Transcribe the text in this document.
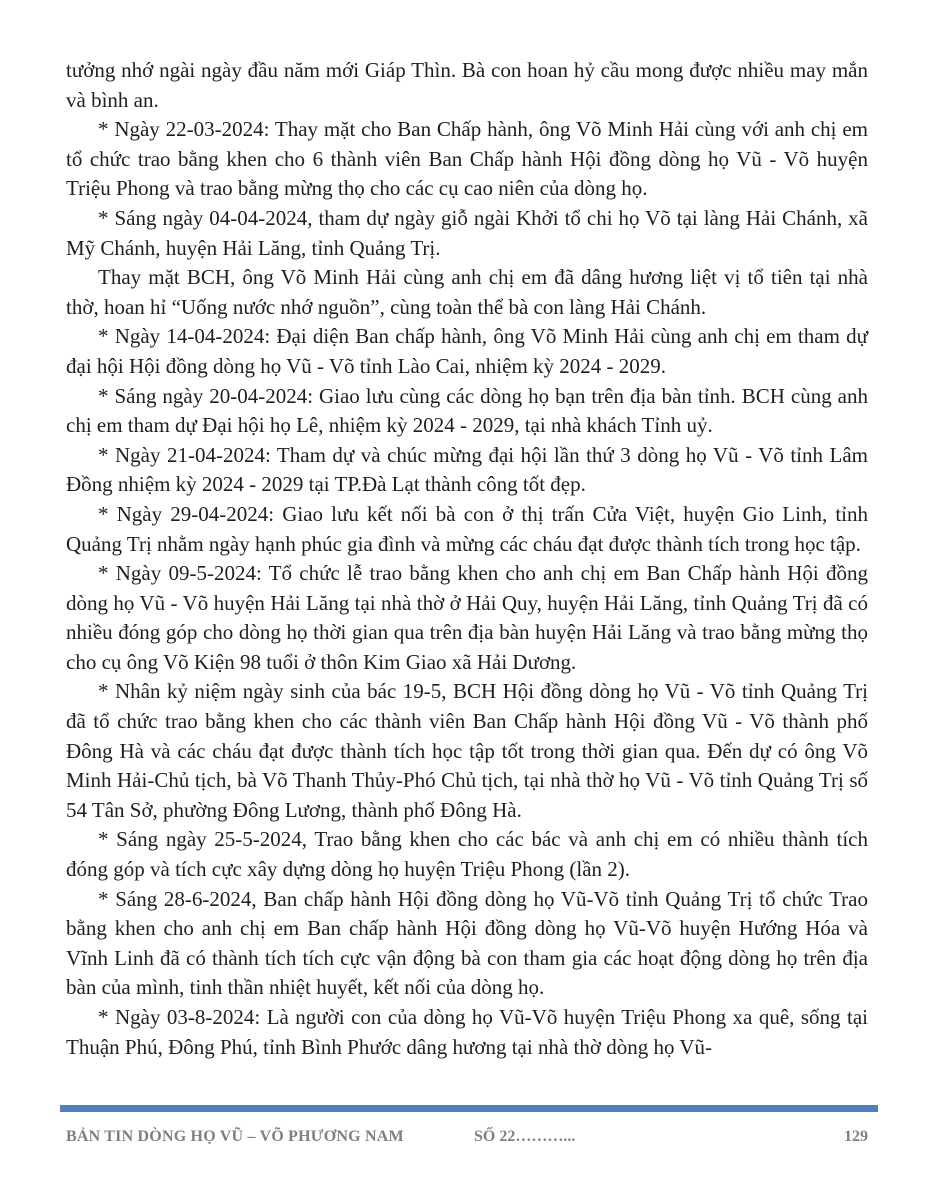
tưởng nhớ ngài ngày đầu năm mới Giáp Thìn. Bà con hoan hỷ cầu mong được nhiều may mắn và bình an.

* Ngày 22-03-2024: Thay mặt cho Ban Chấp hành, ông Võ Minh Hải cùng với anh chị em tổ chức trao bằng khen cho 6 thành viên Ban Chấp hành Hội đồng dòng họ Vũ - Võ huyện Triệu Phong và trao bằng mừng thọ cho các cụ cao niên của dòng họ.

* Sáng ngày 04-04-2024, tham dự ngày giỗ ngài Khởi tổ chi họ Võ tại làng Hải Chánh, xã Mỹ Chánh, huyện Hải Lăng, tỉnh Quảng Trị.

Thay mặt BCH, ông Võ Minh Hải cùng anh chị em đã dâng hương liệt vị tổ tiên tại nhà thờ, hoan hỉ “Uống nước nhớ nguồn”, cùng toàn thể bà con làng Hải Chánh.

* Ngày 14-04-2024: Đại diện Ban chấp hành, ông Võ Minh Hải cùng anh chị em tham dự đại hội Hội đồng dòng họ Vũ - Võ tỉnh Lào Cai, nhiệm kỳ 2024 - 2029.

* Sáng ngày 20-04-2024: Giao lưu cùng các dòng họ bạn trên địa bàn tỉnh. BCH cùng anh chị em tham dự Đại hội họ Lê, nhiệm kỳ 2024 - 2029, tại nhà khách Tỉnh uỷ.

* Ngày 21-04-2024: Tham dự và chúc mừng đại hội lần thứ 3 dòng họ Vũ - Võ tỉnh Lâm Đồng nhiệm kỳ 2024 - 2029 tại TP.Đà Lạt thành công tốt đẹp.

* Ngày 29-04-2024: Giao lưu kết nối bà con ở thị trấn Cửa Việt, huyện Gio Linh, tỉnh Quảng Trị nhằm ngày hạnh phúc gia đình và mừng các cháu đạt được thành tích trong học tập.

* Ngày 09-5-2024: Tổ chức lễ trao bằng khen cho anh chị em Ban Chấp hành Hội đồng dòng họ Vũ - Võ huyện Hải Lăng tại nhà thờ ở Hải Quy, huyện Hải Lăng, tỉnh Quảng Trị đã có nhiều đóng góp cho dòng họ thời gian qua trên địa bàn huyện Hải Lăng và trao bằng mừng thọ cho cụ ông Võ Kiện 98 tuổi ở thôn Kim Giao xã Hải Dương.

* Nhân kỷ niệm ngày sinh của bác 19-5, BCH Hội đồng dòng họ Vũ - Võ tỉnh Quảng Trị đã tổ chức trao bằng khen cho các thành viên Ban Chấp hành Hội đồng Vũ - Võ thành phố Đông Hà và các cháu đạt được thành tích học tập tốt trong thời gian qua. Đến dự có ông Võ Minh Hải-Chủ tịch, bà Võ Thanh Thủy-Phó Chủ tịch, tại nhà thờ họ Vũ - Võ tỉnh Quảng Trị số 54 Tân Sở, phường Đông Lương, thành phố Đông Hà.

* Sáng ngày 25-5-2024, Trao bằng khen cho các bác và anh chị em có nhiều thành tích đóng góp và tích cực xây dựng dòng họ huyện Triệu Phong (lần 2).

* Sáng 28-6-2024, Ban chấp hành Hội đồng dòng họ Vũ-Võ tỉnh Quảng Trị tổ chức Trao bằng khen cho anh chị em Ban chấp hành Hội đồng dòng họ Vũ-Võ huyện Hướng Hóa và Vĩnh Linh đã có thành tích tích cực vận động bà con tham gia các hoạt động dòng họ trên địa bàn của mình, tinh thần nhiệt huyết, kết nối của dòng họ.

* Ngày 03-8-2024: Là người con của dòng họ Vũ-Võ huyện Triệu Phong xa quê, sống tại Thuận Phú, Đông Phú, tỉnh Bình Phước dâng hương tại nhà thờ dòng họ Vũ-

BẢN TIN DÒNG HỌ VŨ – VÕ PHƯƠNG NAM	SỐ 22………...	129
